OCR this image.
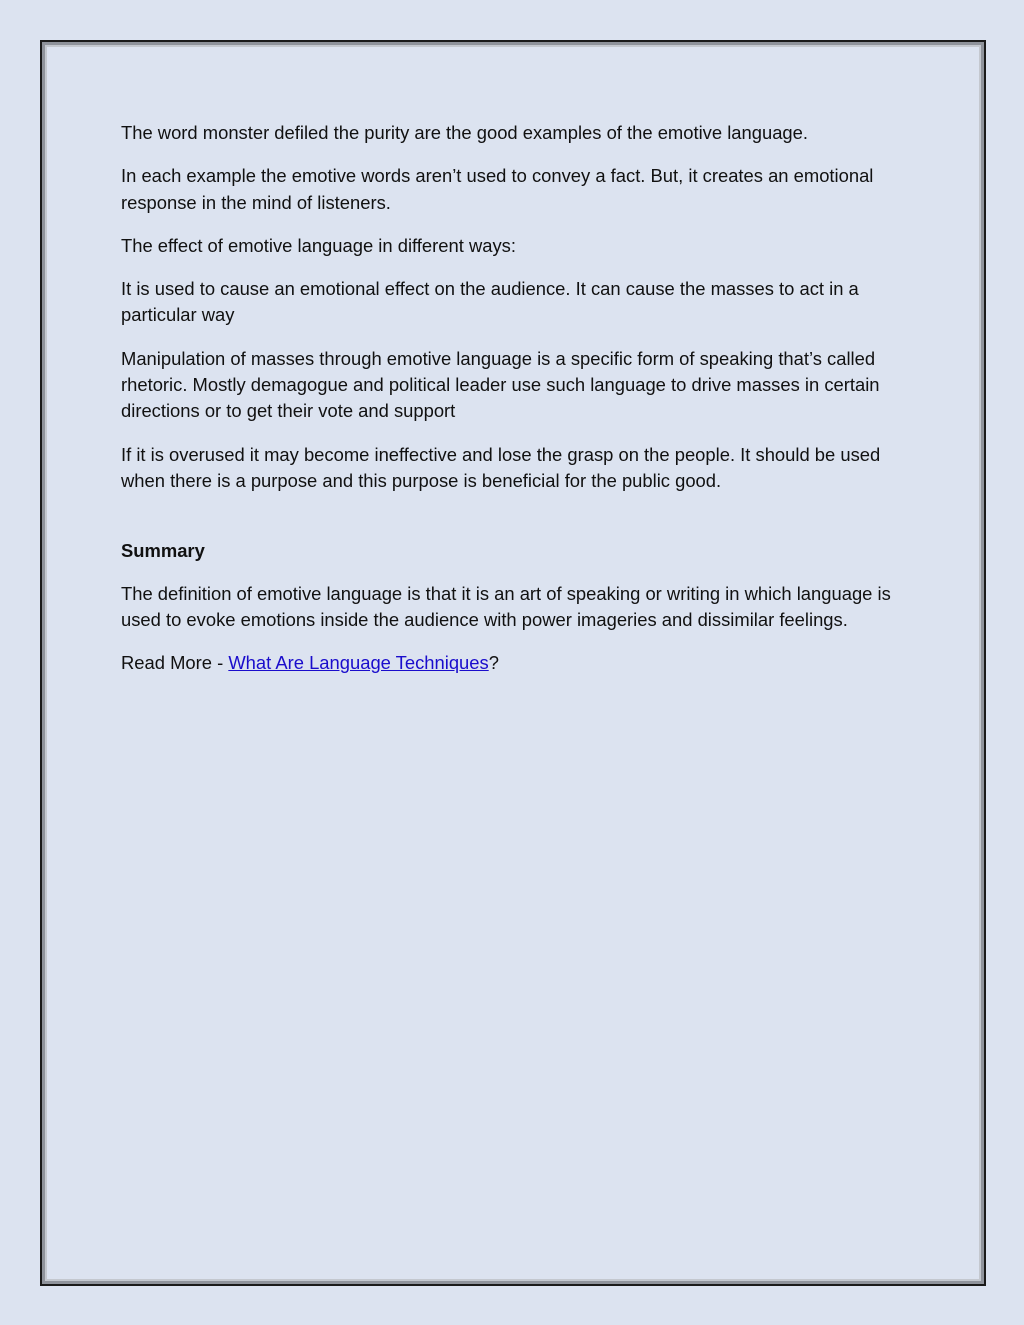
The word monster defiled the purity are the good examples of the emotive language.

In each example the emotive words aren’t used to convey a fact. But, it creates an emotional response in the mind of listeners.

The effect of emotive language in different ways:

It is used to cause an emotional effect on the audience. It can cause the masses to act in a particular way

Manipulation of masses through emotive language is a specific form of speaking that’s called rhetoric. Mostly demagogue and political leader use such language to drive masses in certain directions or to get their vote and support

If it is overused it may become ineffective and lose the grasp on the people. It should be used when there is a purpose and this purpose is beneficial for the public good.

Summary

The definition of emotive language is that it is an art of speaking or writing in which language is used to evoke emotions inside the audience with power imageries and dissimilar feelings.

Read More - What Are Language Techniques?
